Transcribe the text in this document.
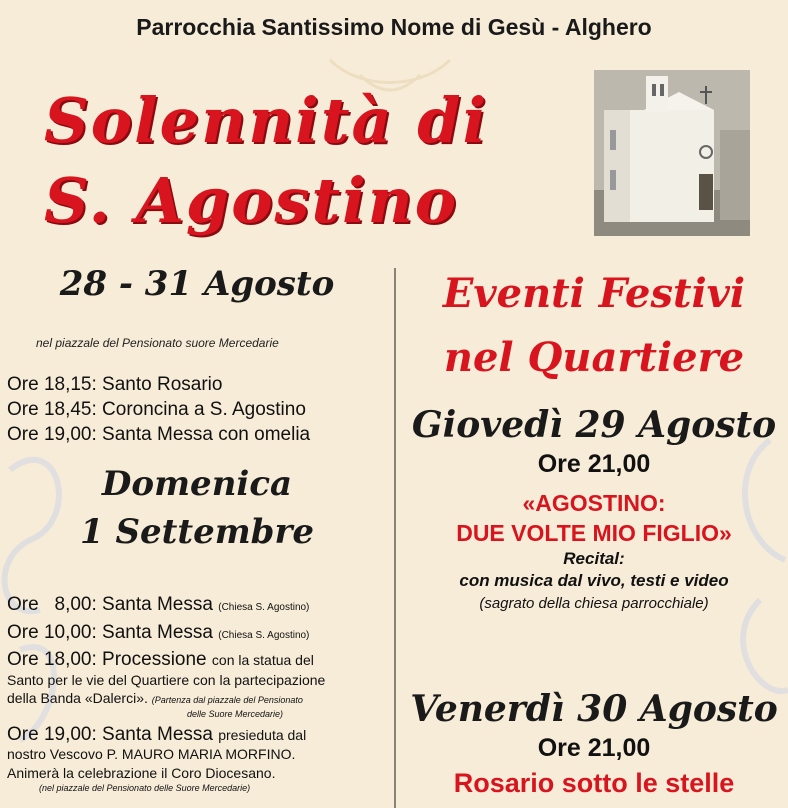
Parrocchia Santissimo Nome di Gesù - Alghero
Solennità di
S. Agostino
28 - 31 Agosto
nel piazzale del Pensionato suore Mercedarie
Ore 18,15: Santo Rosario
Ore 18,45: Coroncina a S. Agostino
Ore 19,00: Santa Messa con omelia
Domenica
1 Settembre
Ore   8,00: Santa Messa (Chiesa S. Agostino)
Ore 10,00: Santa Messa (Chiesa S. Agostino)
Ore 18,00: Processione con la statua del
Santo per le vie del Quartiere con la partecipazione
della Banda «Dalerci». (Partenza dal piazzale del Pensionato
delle Suore Mercedarie)
Ore 19,00: Santa Messa presieduta dal
nostro Vescovo P. MAURO MARIA MORFINO.
Animerà la celebrazione il Coro Diocesano.
(nel piazzale del Pensionato delle Suore Mercedarie)
Eventi Festivi
nel Quartiere
Giovedì 29 Agosto
Ore 21,00
«AGOSTINO:
DUE VOLTE MIO FIGLIO»
Recital:
con musica dal vivo, testi e video
(sagrato della chiesa parrocchiale)
Venerdì 30 Agosto
Ore 21,00
Rosario sotto le stelle
